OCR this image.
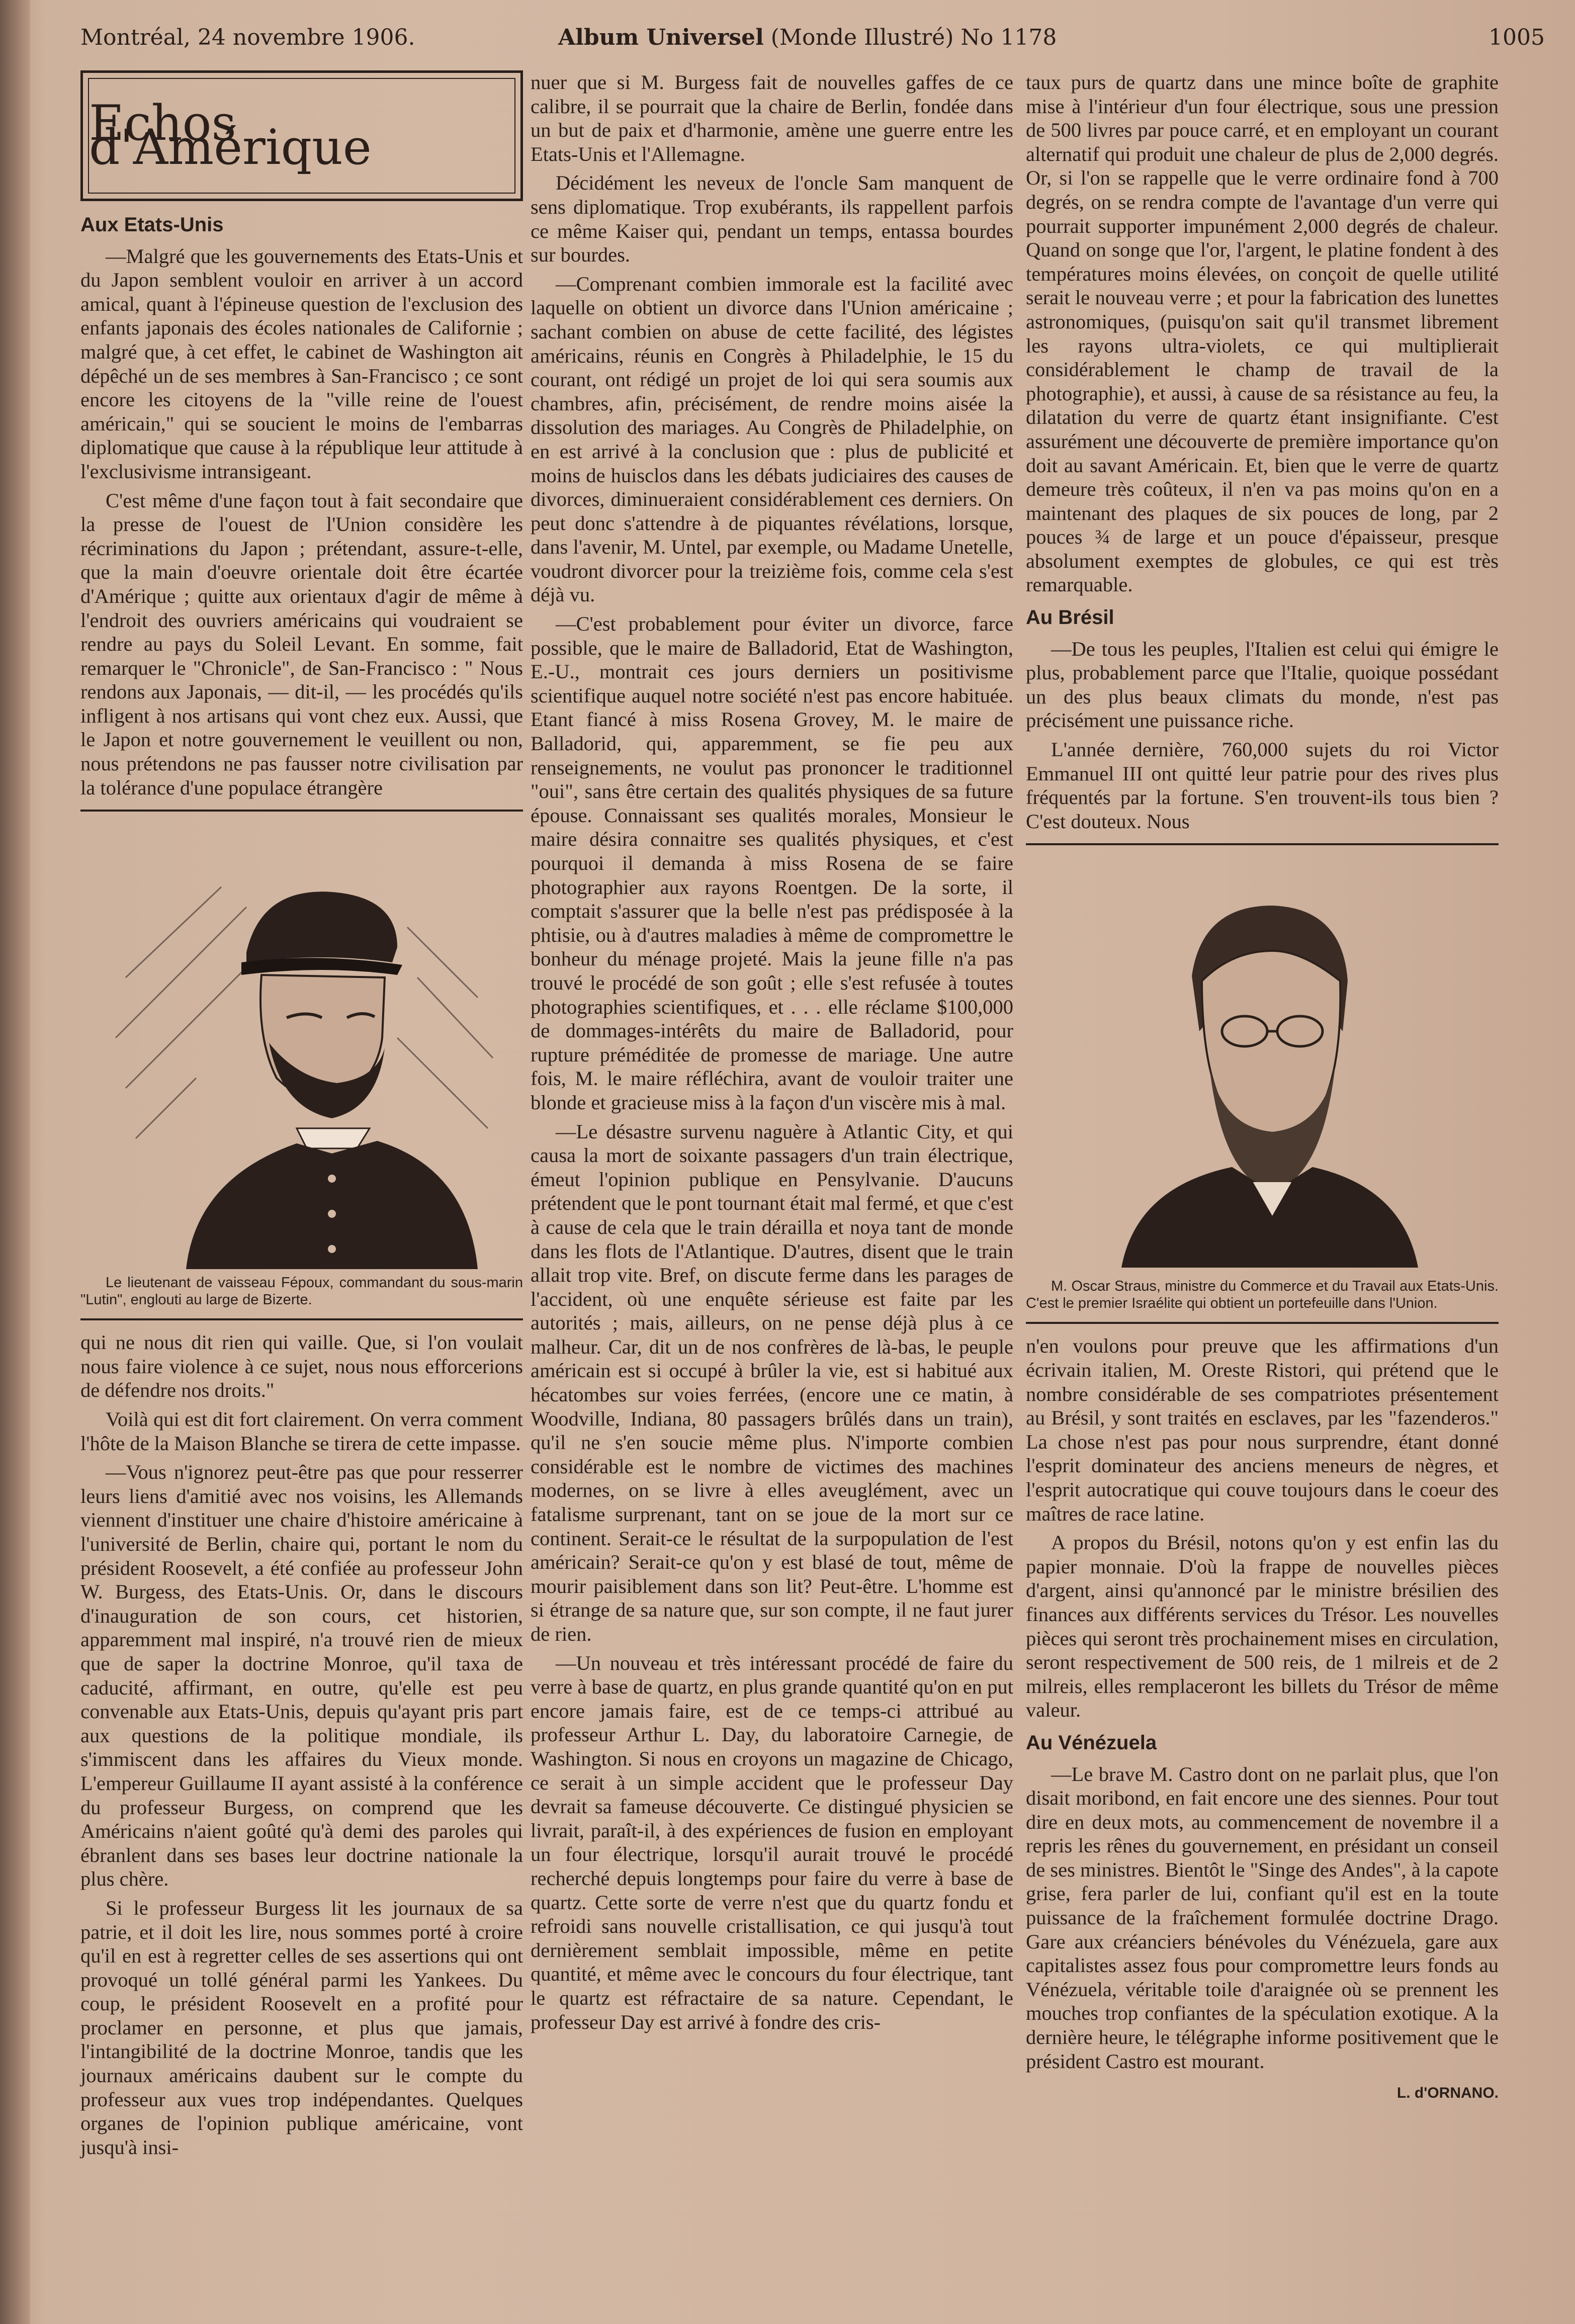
Montréal, 24 novembre 1906.	Album Universel (Monde Illustré) No 1178	1005
Echos d'Amérique
Aux Etats-Unis

—Malgré que les gouvernements des Etats-Unis et du Japon semblent vouloir en arriver à un accord amical, quant à l'épineuse question de l'exclusion des enfants japonais des écoles nationales de Californie ; malgré que, à cet effet, le cabinet de Washington ait dépêché un de ses membres à San-Francisco ; ce sont encore les citoyens de la "ville reine de l'ouest américain," qui se soucient le moins de l'embarras diplomatique que cause à la république leur attitude à l'exclusivisme intransigeant.

C'est même d'une façon tout à fait secondaire que la presse de l'ouest de l'Union considère les récriminations du Japon ; prétendant, assure-t-elle, que la main d'oeuvre orientale doit être écartée d'Amérique ; quitte aux orientaux d'agir de même à l'endroit des ouvriers américains qui voudraient se rendre au pays du Soleil Levant. En somme, fait remarquer le "Chronicle", de San-Francisco : " Nous rendons aux Japonais, — dit-il, — les procédés qu'ils infligent à nos artisans qui vont chez eux. Aussi, que le Japon et notre gouvernement le veuillent ou non, nous prétendons ne pas fausser notre civilisation par la tolérance d'une populace étrangère

Le lieutenant de vaisseau Fépoux, commandant du sous-marin "Lutin", englouti au large de Bizerte.

qui ne nous dit rien qui vaille. Que, si l'on voulait nous faire violence à ce sujet, nous nous efforcerions de défendre nos droits."

Voilà qui est dit fort clairement. On verra comment l'hôte de la Maison Blanche se tirera de cette impasse.

—Vous n'ignorez peut-être pas que pour resserrer leurs liens d'amitié avec nos voisins, les Allemands viennent d'instituer une chaire d'histoire américaine à l'université de Berlin, chaire qui, portant le nom du président Roosevelt, a été confiée au professeur John W. Burgess, des Etats-Unis. Or, dans le discours d'inauguration de son cours, cet historien, apparemment mal inspiré, n'a trouvé rien de mieux que de saper la doctrine Monroe, qu'il taxa de caducité, affirmant, en outre, qu'elle est peu convenable aux Etats-Unis, depuis qu'ayant pris part aux questions de la politique mondiale, ils s'immiscent dans les affaires du Vieux monde. L'empereur Guillaume II ayant assisté à la conférence du professeur Burgess, on comprend que les Américains n'aient goûté qu'à demi des paroles qui ébranlent dans ses bases leur doctrine nationale la plus chère.

Si le professeur Burgess lit les journaux de sa patrie, et il doit les lire, nous sommes porté à croire qu'il en est à regretter celles de ses assertions qui ont provoqué un tollé général parmi les Yankees. Du coup, le président Roosevelt en a profité pour proclamer en personne, et plus que jamais, l'intangibilité de la doctrine Monroe, tandis que les journaux américains daubent sur le compte du professeur aux vues trop indépendantes. Quelques organes de l'opinion publique américaine, vont jusqu'à insi-

nuer que si M. Burgess fait de nouvelles gaffes de ce calibre, il se pourrait que la chaire de Berlin, fondée dans un but de paix et d'harmonie, amène une guerre entre les Etats-Unis et l'Allemagne.

Décidément les neveux de l'oncle Sam manquent de sens diplomatique. Trop exubérants, ils rappellent parfois ce même Kaiser qui, pendant un temps, entassa bourdes sur bourdes.

—Comprenant combien immorale est la facilité avec laquelle on obtient un divorce dans l'Union américaine ; sachant combien on abuse de cette facilité, des légistes américains, réunis en Congrès à Philadelphie, le 15 du courant, ont rédigé un projet de loi qui sera soumis aux chambres, afin, précisément, de rendre moins aisée la dissolution des mariages. Au Congrès de Philadelphie, on en est arrivé à la conclusion que : plus de publicité et moins de huisclos dans les débats judiciaires des causes de divorces, diminueraient considérablement ces derniers. On peut donc s'attendre à de piquantes révélations, lorsque, dans l'avenir, M. Untel, par exemple, ou Madame Unetelle, voudront divorcer pour la treizième fois, comme cela s'est déjà vu.

—C'est probablement pour éviter un divorce, farce possible, que le maire de Balladorid, Etat de Washington, E.-U., montrait ces jours derniers un positivisme scientifique auquel notre société n'est pas encore habituée. Etant fiancé à miss Rosena Grovey, M. le maire de Balladorid, qui, apparemment, se fie peu aux renseignements, ne voulut pas prononcer le traditionnel "oui", sans être certain des qualités physiques de sa future épouse. Connaissant ses qualités morales, Monsieur le maire désira connaitre ses qualités physiques, et c'est pourquoi il demanda à miss Rosena de se faire photographier aux rayons Roentgen. De la sorte, il comptait s'assurer que la belle n'est pas prédisposée à la phtisie, ou à d'autres maladies à même de compromettre le bonheur du ménage projeté. Mais la jeune fille n'a pas trouvé le procédé de son goût ; elle s'est refusée à toutes photographies scientifiques, et . . . elle réclame $100,000 de dommages-intérêts du maire de Balladorid, pour rupture préméditée de promesse de mariage. Une autre fois, M. le maire réfléchira, avant de vouloir traiter une blonde et gracieuse miss à la façon d'un viscère mis à mal.

—Le désastre survenu naguère à Atlantic City, et qui causa la mort de soixante passagers d'un train électrique, émeut l'opinion publique en Pensylvanie. D'aucuns prétendent que le pont tournant était mal fermé, et que c'est à cause de cela que le train dérailla et noya tant de monde dans les flots de l'Atlantique. D'autres, disent que le train allait trop vite. Bref, on discute ferme dans les parages de l'accident, où une enquête sérieuse est faite par les autorités ; mais, ailleurs, on ne pense déjà plus à ce malheur. Car, dit un de nos confrères de là-bas, le peuple américain est si occupé à brûler la vie, est si habitué aux hécatombes sur voies ferrées, (encore une ce matin, à Woodville, Indiana, 80 passagers brûlés dans un train), qu'il ne s'en soucie même plus. N'importe combien considérable est le nombre de victimes des machines modernes, on se livre à elles aveuglément, avec un fatalisme surprenant, tant on se joue de la mort sur ce continent. Serait-ce le résultat de la surpopulation de l'est américain? Serait-ce qu'on y est blasé de tout, même de mourir paisiblement dans son lit? Peut-être. L'homme est si étrange de sa nature que, sur son compte, il ne faut jurer de rien.

—Un nouveau et très intéressant procédé de faire du verre à base de quartz, en plus grande quantité qu'on en put encore jamais faire, est de ce temps-ci attribué au professeur Arthur L. Day, du laboratoire Carnegie, de Washington. Si nous en croyons un magazine de Chicago, ce serait à un simple accident que le professeur Day devrait sa fameuse découverte. Ce distingué physicien se livrait, paraît-il, à des expériences de fusion en employant un four électrique, lorsqu'il aurait trouvé le procédé recherché depuis longtemps pour faire du verre à base de quartz. Cette sorte de verre n'est que du quartz fondu et refroidi sans nouvelle cristallisation, ce qui jusqu'à tout dernièrement semblait impossible, même en petite quantité, et même avec le concours du four électrique, tant le quartz est réfractaire de sa nature. Cependant, le professeur Day est arrivé à fondre des cris-

taux purs de quartz dans une mince boîte de graphite mise à l'intérieur d'un four électrique, sous une pression de 500 livres par pouce carré, et en employant un courant alternatif qui produit une chaleur de plus de 2,000 degrés. Or, si l'on se rappelle que le verre ordinaire fond à 700 degrés, on se rendra compte de l'avantage d'un verre qui pourrait supporter impunément 2,000 degrés de chaleur. Quand on songe que l'or, l'argent, le platine fondent à des températures moins élevées, on conçoit de quelle utilité serait le nouveau verre ; et pour la fabrication des lunettes astronomiques, (puisqu'on sait qu'il transmet librement les rayons ultra-violets, ce qui multiplierait considérablement le champ de travail de la photographie), et aussi, à cause de sa résistance au feu, la dilatation du verre de quartz étant insignifiante. C'est assurément une découverte de première importance qu'on doit au savant Américain. Et, bien que le verre de quartz demeure très coûteux, il n'en va pas moins qu'on en a maintenant des plaques de six pouces de long, par 2 pouces ¾ de large et un pouce d'épaisseur, presque absolument exemptes de globules, ce qui est très remarquable.

Au Brésil

—De tous les peuples, l'Italien est celui qui émigre le plus, probablement parce que l'Italie, quoique possédant un des plus beaux climats du monde, n'est pas précisément une puissance riche.

L'année dernière, 760,000 sujets du roi Victor Emmanuel III ont quitté leur patrie pour des rives plus fréquentés par la fortune. S'en trouvent-ils tous bien ? C'est douteux. Nous

M. Oscar Straus, ministre du Commerce et du Travail aux Etats-Unis. C'est le premier Israélite qui obtient un portefeuille dans l'Union.

n'en voulons pour preuve que les affirmations d'un écrivain italien, M. Oreste Ristori, qui prétend que le nombre considérable de ses compatriotes présentement au Brésil, y sont traités en esclaves, par les "fazenderos." La chose n'est pas pour nous surprendre, étant donné l'esprit dominateur des anciens meneurs de nègres, et l'esprit autocratique qui couve toujours dans le coeur des maîtres de race latine.

A propos du Brésil, notons qu'on y est enfin las du papier monnaie. D'où la frappe de nouvelles pièces d'argent, ainsi qu'annoncé par le ministre brésilien des finances aux différents services du Trésor. Les nouvelles pièces qui seront très prochainement mises en circulation, seront respectivement de 500 reis, de 1 milreis et de 2 milreis, elles remplaceront les billets du Trésor de même valeur.

Au Vénézuela

—Le brave M. Castro dont on ne parlait plus, que l'on disait moribond, en fait encore une des siennes. Pour tout dire en deux mots, au commencement de novembre il a repris les rênes du gouvernement, en présidant un conseil de ses ministres. Bientôt le "Singe des Andes", à la capote grise, fera parler de lui, confiant qu'il est en la toute puissance de la fraîchement formulée doctrine Drago. Gare aux créanciers bénévoles du Vénézuela, gare aux capitalistes assez fous pour compromettre leurs fonds au Vénézuela, véritable toile d'araignée où se prennent les mouches trop confiantes de la spéculation exotique. A la dernière heure, le télégraphe informe positivement que le président Castro est mourant.

L. d'ORNANO.
